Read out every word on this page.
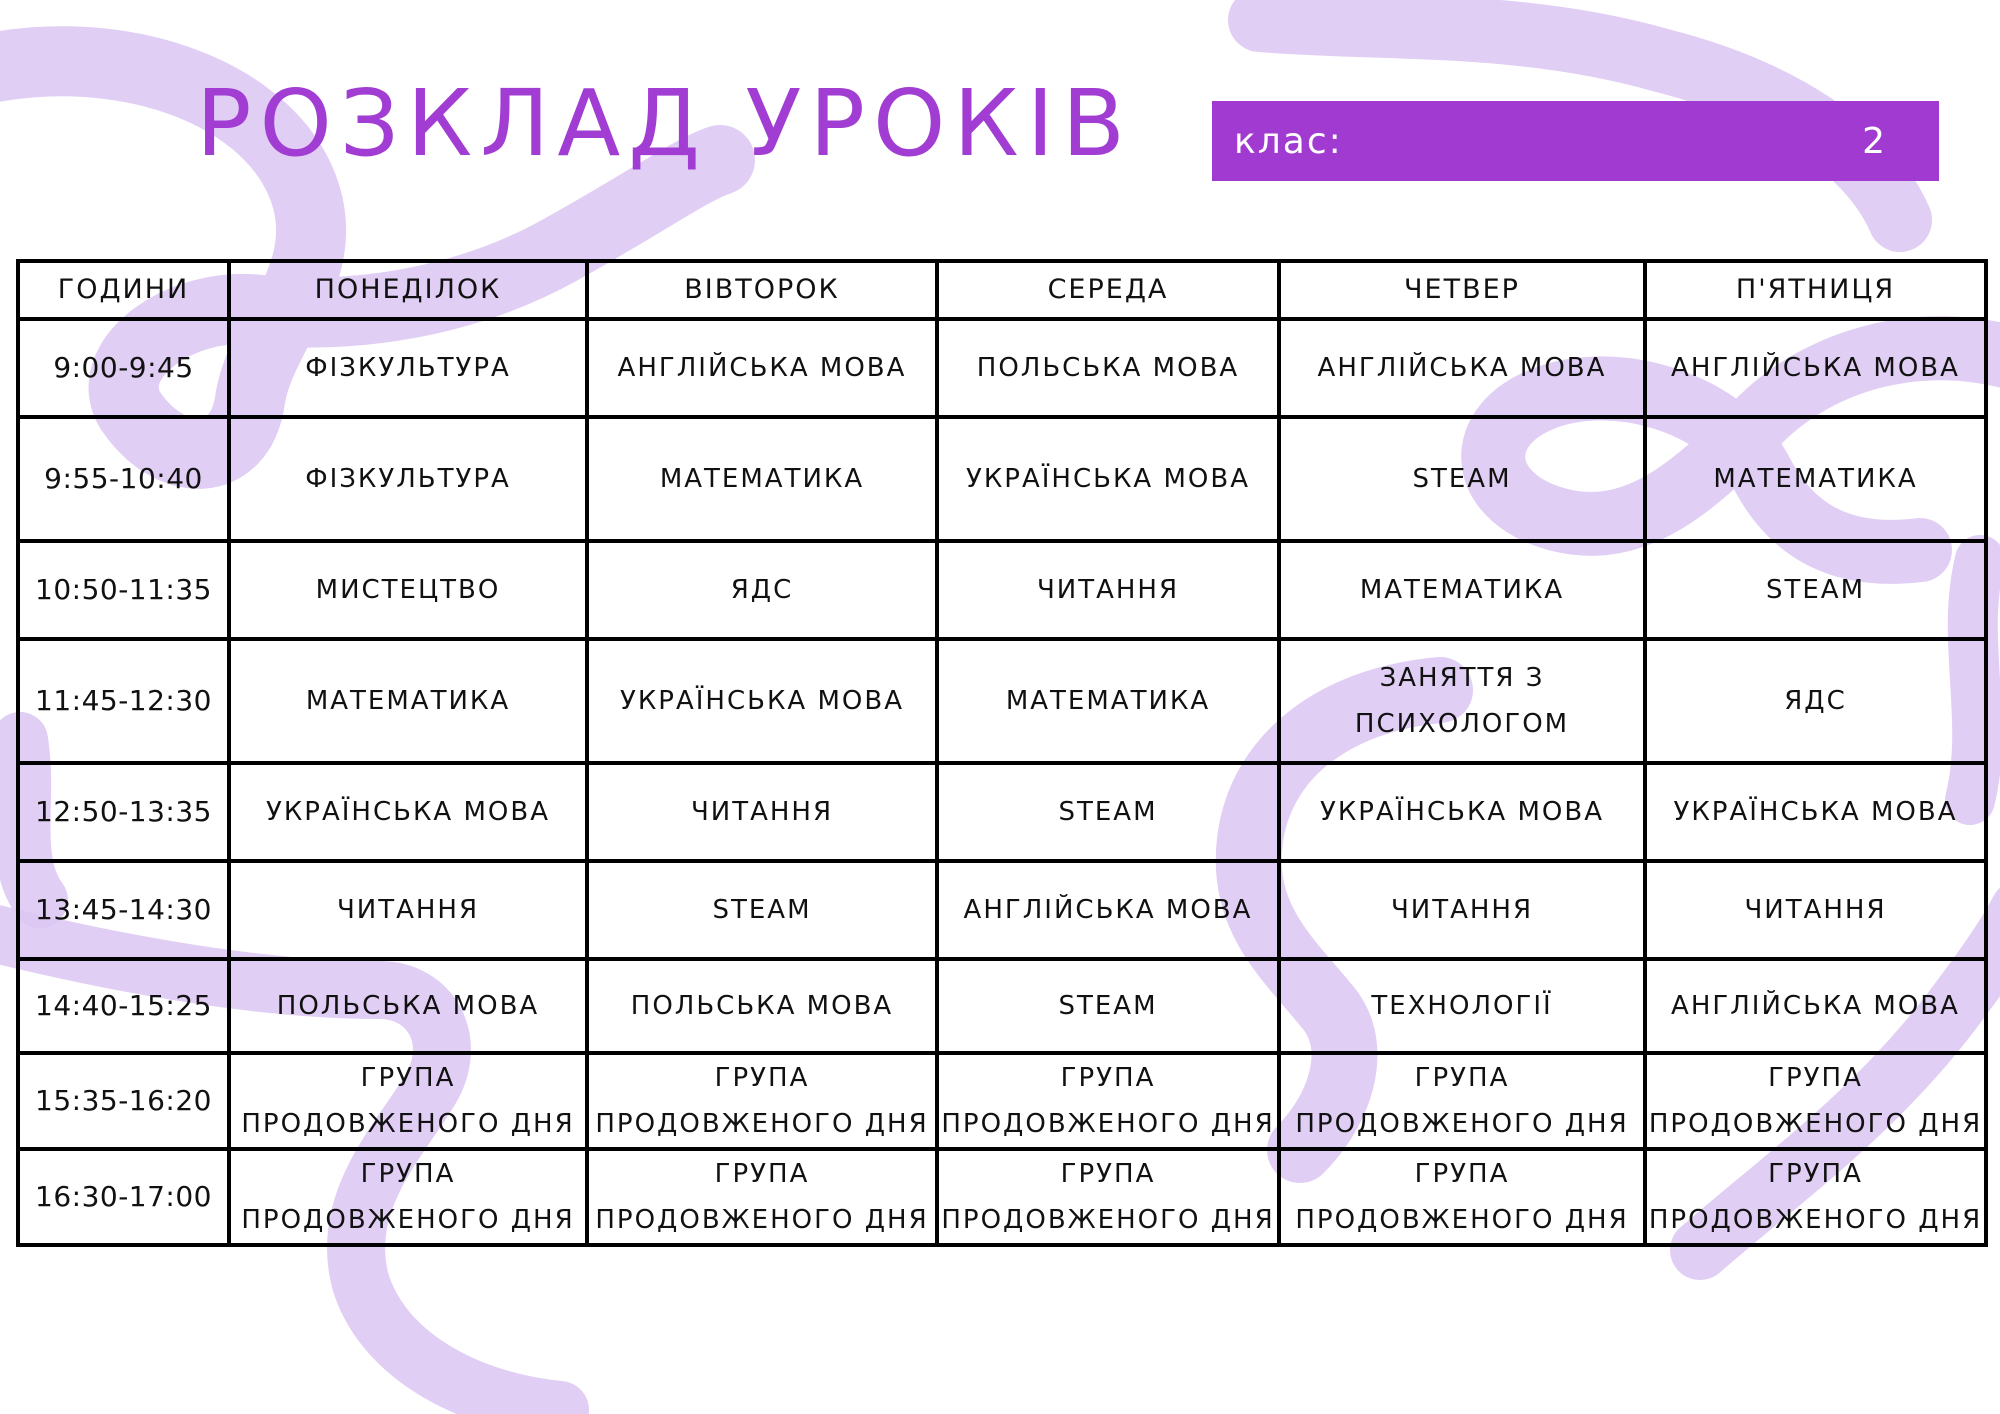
РОЗКЛАД УРОКІВ	клас:	2
ГОДИНИ	ПОНЕДІЛОК	ВІВТОРОК	СЕРЕДА	ЧЕТВЕР	П'ЯТНИЦЯ
9:00-9:45	ФІЗКУЛЬТУРА	АНГЛІЙСЬКА МОВА	ПОЛЬСЬКА МОВА	АНГЛІЙСЬКА МОВА	АНГЛІЙСЬКА МОВА
9:55-10:40	ФІЗКУЛЬТУРА	МАТЕМАТИКА	УКРАЇНСЬКА МОВА	STEAM	МАТЕМАТИКА
10:50-11:35	МИСТЕЦТВО	ЯДС	ЧИТАННЯ	МАТЕМАТИКА	STEAM
11:45-12:30	МАТЕМАТИКА	УКРАЇНСЬКА МОВА	МАТЕМАТИКА	ЗАНЯТТЯ З ПСИХОЛОГОМ	ЯДС
12:50-13:35	УКРАЇНСЬКА МОВА	ЧИТАННЯ	STEAM	УКРАЇНСЬКА МОВА	УКРАЇНСЬКА МОВА
13:45-14:30	ЧИТАННЯ	STEAM	АНГЛІЙСЬКА МОВА	ЧИТАННЯ	ЧИТАННЯ
14:40-15:25	ПОЛЬСЬКА МОВА	ПОЛЬСЬКА МОВА	STEAM	ТЕХНОЛОГІЇ	АНГЛІЙСЬКА МОВА
15:35-16:20	ГРУПА ПРОДОВЖЕНОГО ДНЯ	ГРУПА ПРОДОВЖЕНОГО ДНЯ	ГРУПА ПРОДОВЖЕНОГО ДНЯ	ГРУПА ПРОДОВЖЕНОГО ДНЯ	ГРУПА ПРОДОВЖЕНОГО ДНЯ
16:30-17:00	ГРУПА ПРОДОВЖЕНОГО ДНЯ	ГРУПА ПРОДОВЖЕНОГО ДНЯ	ГРУПА ПРОДОВЖЕНОГО ДНЯ	ГРУПА ПРОДОВЖЕНОГО ДНЯ	ГРУПА ПРОДОВЖЕНОГО ДНЯ
